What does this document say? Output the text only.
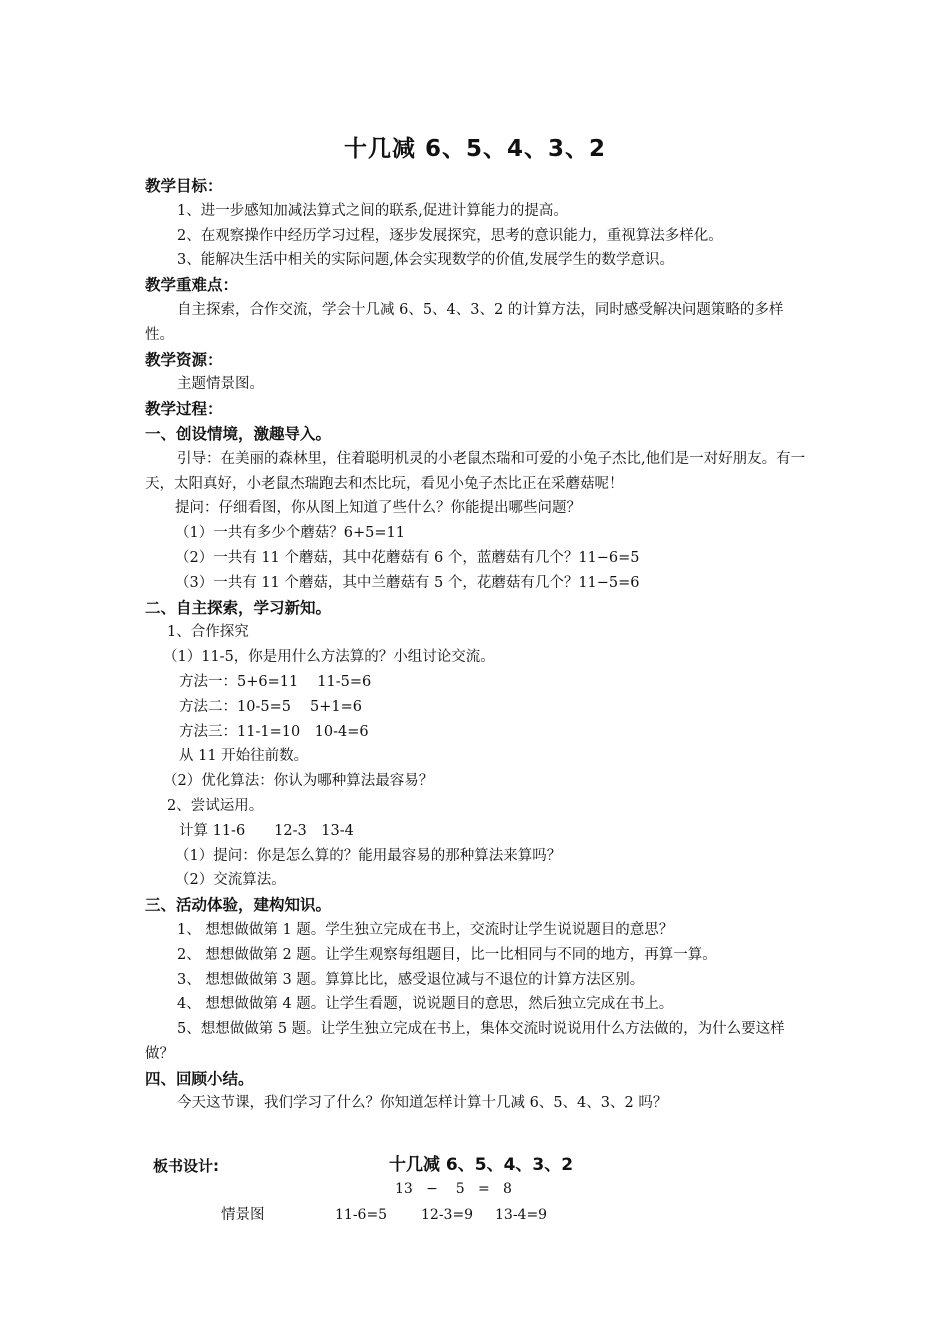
十几减 6、5、4、3、2
教学目标：
1、进一步感知加减法算式之间的联系,促进计算能力的提高。
2、在观察操作中经历学习过程，逐步发展探究，思考的意识能力，重视算法多样化。
3、能解决生活中相关的实际问题,体会实现数学的价值,发展学生的数学意识。
教学重难点：
自主探索，合作交流，学会十几减 6、5、4、3、2 的计算方法，同时感受解决问题策略的多样性。
教学资源：
主题情景图。
教学过程：
一、创设情境，激趣导入。
引导：在美丽的森林里，住着聪明机灵的小老鼠杰瑞和可爱的小兔子杰比,他们是一对好朋友。有一天，太阳真好，小老鼠杰瑞跑去和杰比玩，看见小兔子杰比正在采蘑菇呢！
提问：仔细看图，你从图上知道了些什么？你能提出哪些问题？
（1）一共有多少个蘑菇？6+5=11
（2）一共有 11 个蘑菇，其中花蘑菇有 6 个，蓝蘑菇有几个？11−6=5
（3）一共有 11 个蘑菇，其中兰蘑菇有 5 个，花蘑菇有几个？11−5=6
二、自主探索，学习新知。
1、合作探究
（1）11-5，你是用什么方法算的？小组讨论交流。
方法一：5+6=11　 11-5=6
方法二：10-5=5　 5+1=6
方法三：11-1=10　10-4=6
从 11 开始往前数。
（2）优化算法：你认为哪种算法最容易？
2、尝试运用。
计算 11-6　　12-3　13-4
（1）提问：你是怎么算的？能用最容易的那种算法来算吗？
（2）交流算法。
三、活动体验，建构知识。
1、 想想做做第 1 题。学生独立完成在书上，交流时让学生说说题目的意思？
2、 想想做做第 2 题。让学生观察每组题目，比一比相同与不同的地方，再算一算。
3、 想想做做第 3 题。算算比比，感受退位减与不退位的计算方法区别。
4、 想想做做第 4 题。让学生看题，说说题目的意思，然后独立完成在书上。
5、想想做做第 5 题。让学生独立完成在书上，集体交流时说说用什么方法做的，为什么要这样做？
四、回顾小结。
今天这节课，我们学习了什么？你知道怎样计算十几减 6、5、4、3、2 吗？
板书设计:	十几减 6、5、4、3、2
13   −    5   =   8
情景图	11-6=5 12-3=9 13-4=9
